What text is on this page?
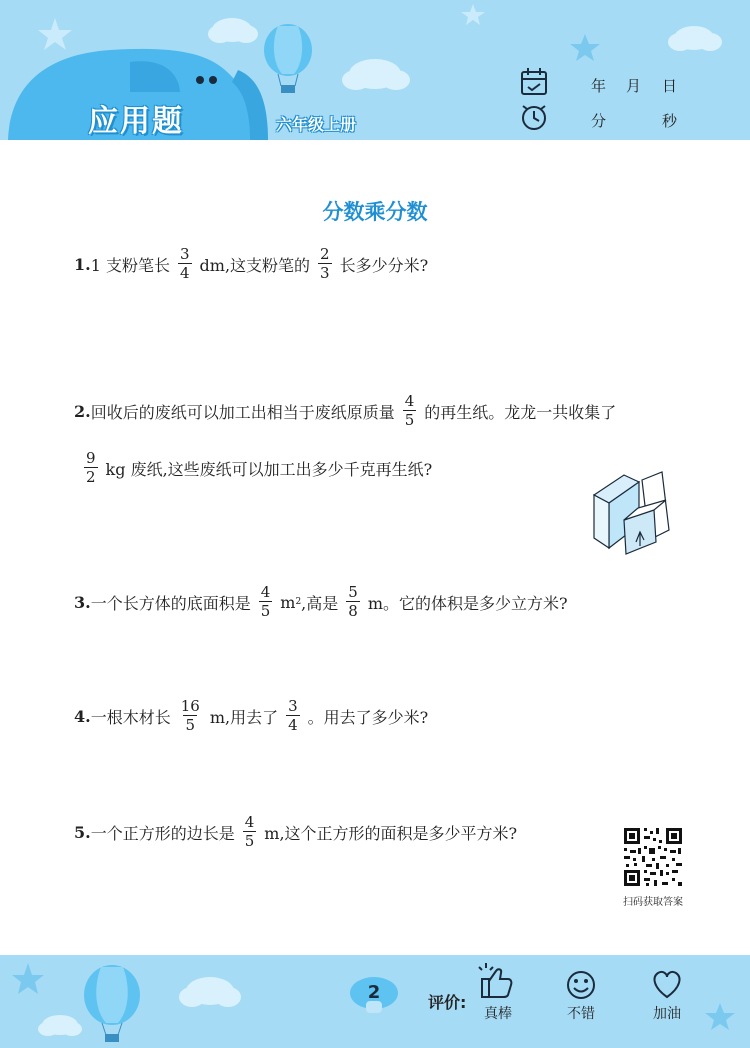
应用题	六年级上册
年 月 日
分	秒
分数乘分数
1. 1 支粉笔长 $\frac{3}{4}$ dm,这支粉笔的 $\frac{2}{3}$ 长多少分米?
2. 回收后的废纸可以加工出相当于废纸原质量 $\frac{4}{5}$ 的再生纸。龙龙一共收集了
$\frac{9}{2}$ kg 废纸,这些废纸可以加工出多少千克再生纸?
3. 一个长方体的底面积是 $\frac{4}{5}$ m 2 ,高是 $\frac{5}{8}$ m。它的体积是多少立方米?
4. 一根木材长 $\frac{16}{5} m$,用去了 $\frac{3}{4}$ 。用去了多少米?
5. 一个正方形的边长是 $\frac{4}{5} m$,这个正方形的面积是多少平方米?
扫码获取答案
2
真棒	不错	加油
评价:
